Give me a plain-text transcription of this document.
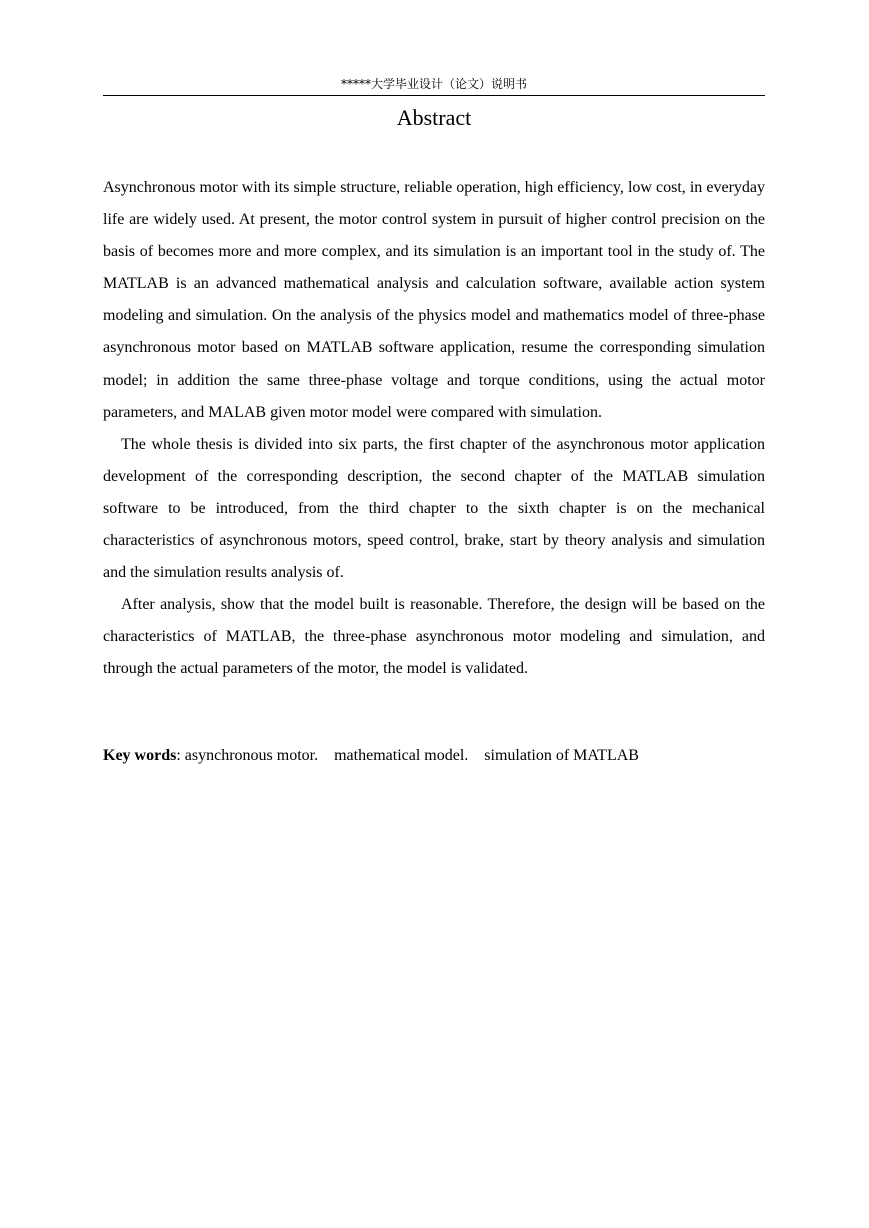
*****大学毕业设计（论文）说明书
Abstract

Asynchronous motor with its simple structure, reliable operation, high efficiency, low cost, in everyday life are widely used. At present, the motor control system in pursuit of higher control precision on the basis of becomes more and more complex, and its simulation is an important tool in the study of. The MATLAB is an advanced mathematical analysis and calculation software, available action system modeling and simulation. On the analysis of the physics model and mathematics model of three-phase asynchronous motor based on MATLAB software application, resume the corresponding simulation model; in addition the same three-phase voltage and torque conditions, using the actual motor parameters, and MALAB given motor model were compared with simulation.

The whole thesis is divided into six parts, the first chapter of the asynchronous motor application development of the corresponding description, the second chapter of the MATLAB simulation software to be introduced, from the third chapter to the sixth chapter is on the mechanical characteristics of asynchronous motors, speed control, brake, start by theory analysis and simulation and the simulation results analysis of.

After analysis, show that the model built is reasonable. Therefore, the design will be based on the characteristics of MATLAB, the three-phase asynchronous motor modeling and simulation, and through the actual parameters of the motor, the model is validated.

Key words: asynchronous motor. mathematical model. simulation of MATLAB
